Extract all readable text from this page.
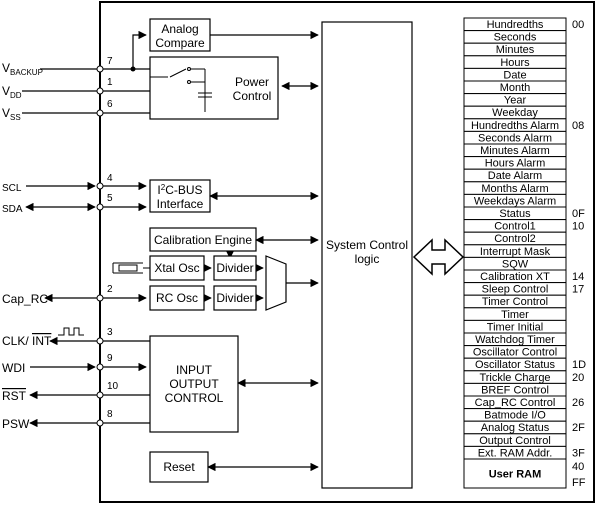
$V_{BACKUP}$
7
$V_{DD}$
1
$V_{SS}$
6
SCL
4
SDA
5
Cap_RC
2
CLK/ INT
3
WDI
9
RST
10
PSW
8
Analog
Compare
Power
Control
$I^2C$-BUS
Interface
Calibration Engine
Xtal Osc Divider
RC Osc Divider
INPUT
OUTPUT
CONTROL
Reset
System Control
logic
Hundredths	00
Seconds
Minutes
Hours
Date
Month
Year
Weekday
Hundredths Alarm 08
Seconds Alarm
Minutes Alarm
Hours Alarm
Date Alarm
Months Alarm
Weekdays Alarm
Status	0F
Control1	10
Control2
Interrupt Mask
SQW
Calibration XT 14
Sleep Control 17
Timer Control
Timer
Timer Initial
Watchdog Timer
Oscillator Control
Oscillator Status 1D
Trickle Charge 20
BREF Control
Cap_RC Control 26
Batmode I/O
Analog Status 2F
Output Control
Ext. RAM Addr. 3F
User RAM
40
FF
